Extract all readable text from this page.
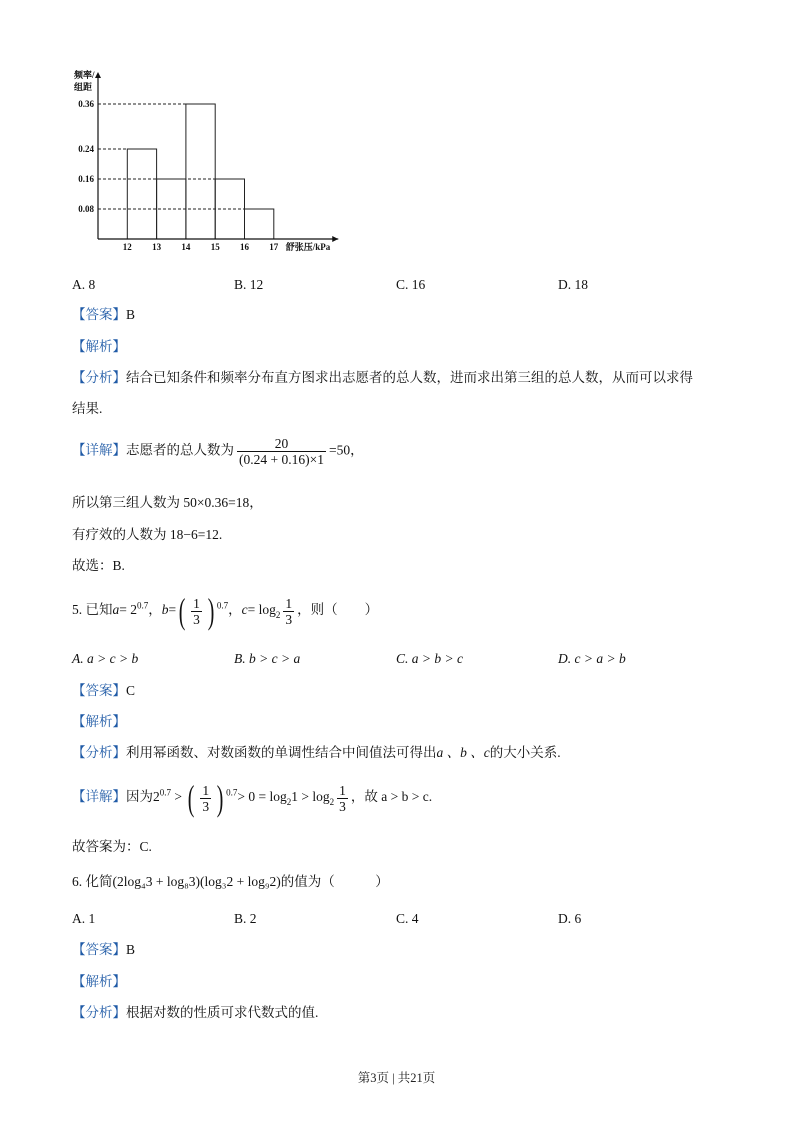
0.36
0.24
0.16
0.08
12 13 14 15 16 17 舒张压/kPa
频率/
组距
A. 8	B. 12	C. 16	D. 18
【答案】B
【解析】
【分析】结合已知条件和频率分布直方图求出志愿者的总人数，进而求出第三组的总人数，从而可以求得
结果.
【详解】志愿者的总人数为 $\frac{20}{(0.24 + 0.16)\times 1} =50$，
所以第三组人数为 50×0.36=18，
有疗效的人数为 18−6=12.
故选：B.
5. 已知$a= 2^{0.7}$，$b=( \frac{1}{3}$ ) $^{0.7}$，$c= \log_2 \frac{1}{3}$ ，则（　　）
A. a > c > b	B. b > c > a	C. a > b > c	D. c > a > b
【答案】C
【解析】
【分析】利用幂函数、对数函数的单调性结合中间值法可得出a 、b 、c的大小关系.
【详解】因为$2^{0.7}$ > ( $\frac{1}{3}$ ) $^{0.7}> 0 = \log_21 > \log_2 \frac{1}{3}$ ，故 a > b > c.
故答案为：C.
6. 化简(2log₄3 + log₈3)(log₃2 + log₉2)的值为（　　　）
A. 1	B. 2	C. 4	D. 6
【答案】B
【解析】
【分析】根据对数的性质可求代数式的值.
第3页 | 共21页
